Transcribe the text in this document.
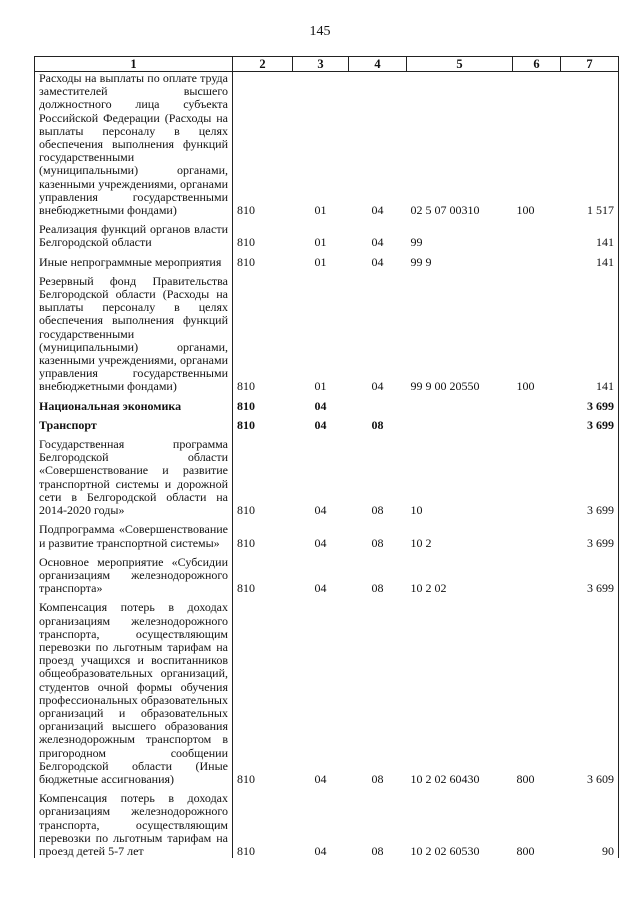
145
1	2	3	4	5	6	7
Расходы на выплаты по оплате труда заместителей высшего должностного лица субъекта Российской Федерации (Расходы на выплаты персоналу в целях обеспечения выполнения функций государственными (муниципальными) органами, казенными учреждениями, органами управления государственными внебюджетными фондами)	810	01	04	02 5 07 00310	100	1 517
Реализация функций органов власти Белгородской области	810	01	04	99		141
Иные непрограммные мероприятия	810	01	04	99 9		141
Резервный фонд Правительства Белгородской области (Расходы на выплаты персоналу в целях обеспечения выполнения функций государственными (муниципальными) органами, казенными учреждениями, органами управления государственными внебюджетными фондами)	810	01	04	99 9 00 20550	100	141
Национальная экономика	810	04				3 699
Транспорт	810	04	08			3 699
Государственная программа Белгородской области «Совершенствование и развитие транспортной системы и дорожной сети в Белгородской области на 2014-2020 годы»	810	04	08	10		3 699
Подпрограмма «Совершенствование и развитие транспортной системы»	810	04	08	10 2		3 699
Основное мероприятие «Субсидии организациям железнодорожного транспорта»	810	04	08	10 2 02		3 699
Компенсация потерь в доходах организациям железнодорожного транспорта, осуществляющим перевозки по льготным тарифам на проезд учащихся и воспитанников общеобразовательных организаций, студентов очной формы обучения профессиональных образовательных организаций и образовательных организаций высшего образования железнодорожным транспортом в пригородном сообщении Белгородской области (Иные бюджетные ассигнования)	810	04	08	10 2 02 60430	800	3 609
Компенсация потерь в доходах организациям железнодорожного транспорта, осуществляющим перевозки по льготным тарифам на проезд детей 5-7 лет	810	04	08	10 2 02 60530	800	90
